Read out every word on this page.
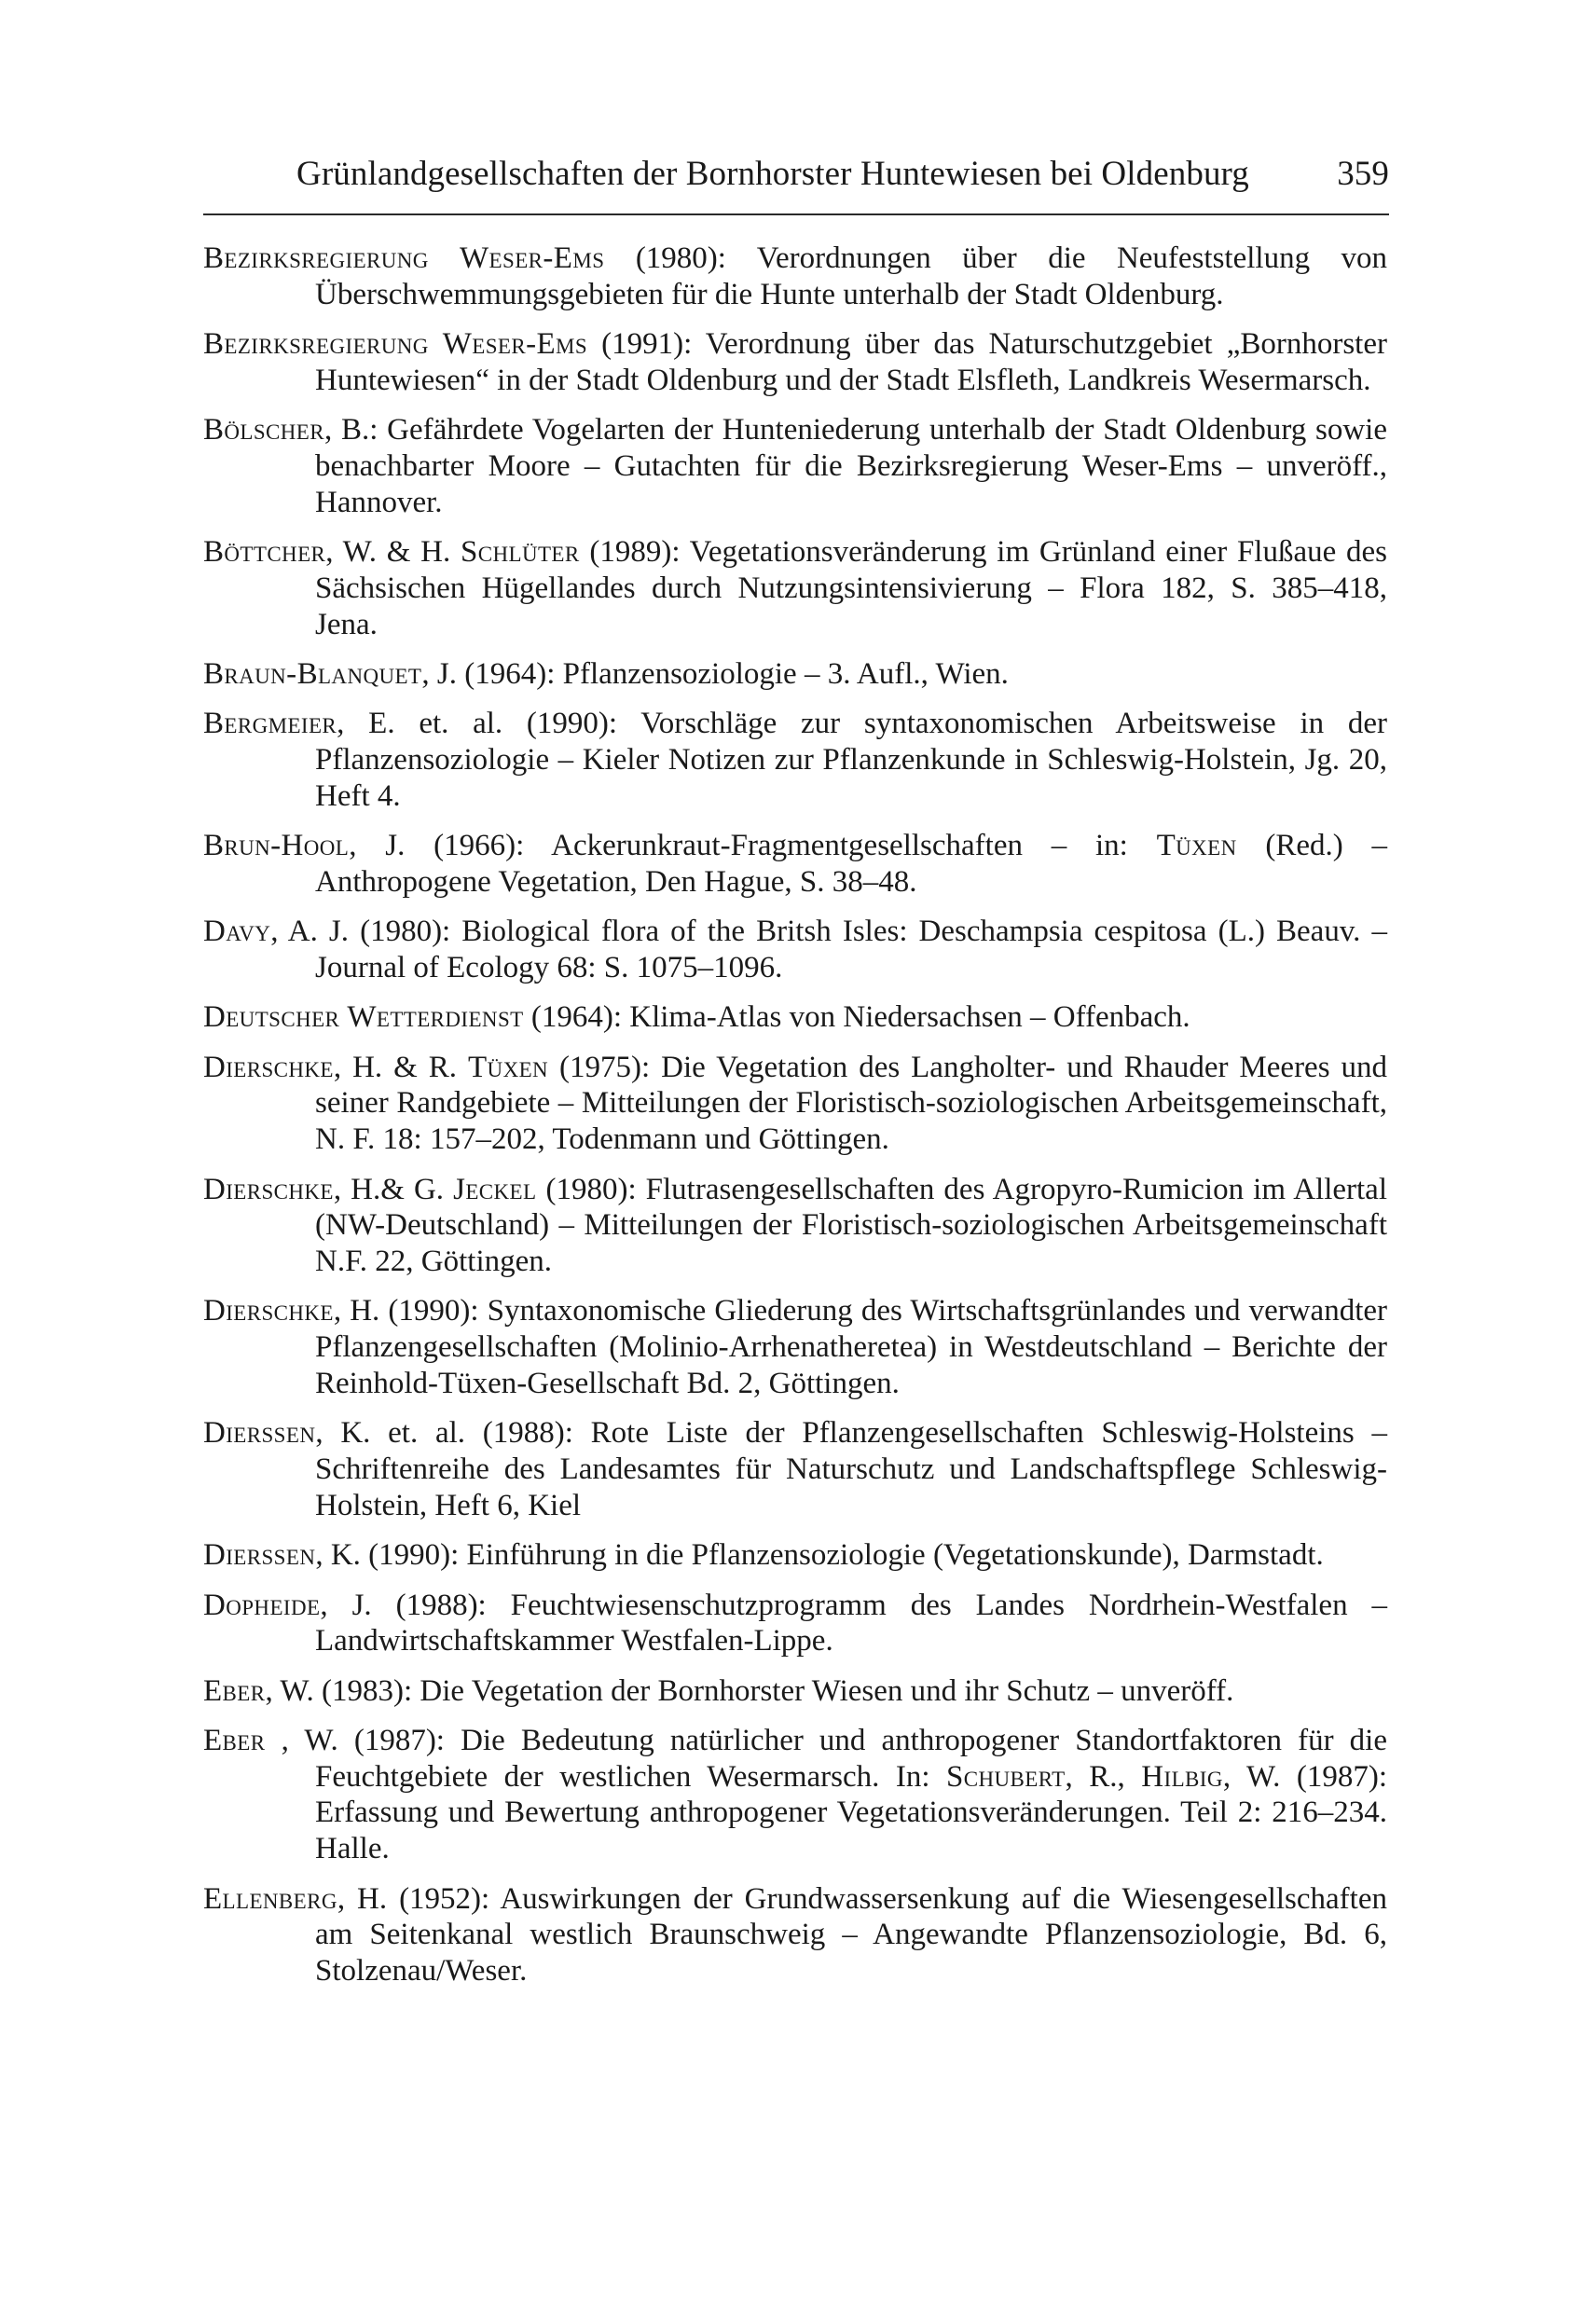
Grünlandgesellschaften der Bornhorster Huntewiesen bei Oldenburg	359
Bezirksregierung Weser-Ems (1980): Verordnungen über die Neufeststellung von Überschwemmungsgebieten für die Hunte unterhalb der Stadt Oldenburg.
Bezirksregierung Weser-Ems (1991): Verordnung über das Naturschutzgebiet „Bornhorster Huntewiesen“ in der Stadt Oldenburg und der Stadt Elsfleth, Landkreis Wesermarsch.
Bölscher, B.: Gefährdete Vogelarten der Hunteniederung unterhalb der Stadt Oldenburg sowie benachbarter Moore – Gutachten für die Bezirksregierung Weser-Ems – unveröff., Hannover.
Böttcher, W. & H. Schlüter (1989): Vegetationsveränderung im Grünland einer Flußaue des Sächsischen Hügellandes durch Nutzungsintensivierung – Flora 182, S. 385–418, Jena.
Braun-Blanquet, J. (1964): Pflanzensoziologie – 3. Aufl., Wien.
Bergmeier, E. et. al. (1990): Vorschläge zur syntaxonomischen Arbeitsweise in der Pflanzensoziologie – Kieler Notizen zur Pflanzenkunde in Schleswig-Holstein, Jg. 20, Heft 4.
Brun-Hool, J. (1966): Ackerunkraut-Fragmentgesellschaften – in: Tüxen (Red.) – Anthropogene Vegetation, Den Hague, S. 38–48.
Davy, A. J. (1980): Biological flora of the Britsh Isles: Deschampsia cespitosa (L.) Beauv. – Journal of Ecology 68: S. 1075–1096.
Deutscher Wetterdienst (1964): Klima-Atlas von Niedersachsen – Offenbach.
Dierschke, H. & R. Tüxen (1975): Die Vegetation des Langholter- und Rhauder Meeres und seiner Randgebiete – Mitteilungen der Floristisch-soziologischen Arbeitsgemeinschaft, N. F. 18: 157–202, Todenmann und Göttingen.
Dierschke, H.& G. Jeckel (1980): Flutrasengesellschaften des Agropyro-Rumicion im Allertal (NW-Deutschland) – Mitteilungen der Floristisch-soziologischen Arbeitsgemeinschaft N.F. 22, Göttingen.
Dierschke, H. (1990): Syntaxonomische Gliederung des Wirtschaftsgrünlandes und verwandter Pflanzengesellschaften (Molinio-Arrhenatheretea) in Westdeutschland – Berichte der Reinhold-Tüxen-Gesellschaft Bd. 2, Göttingen.
Dierssen, K. et. al. (1988): Rote Liste der Pflanzengesellschaften Schleswig-Holsteins – Schriftenreihe des Landesamtes für Naturschutz und Landschaftspflege Schleswig-Holstein, Heft 6, Kiel
Dierssen, K. (1990): Einführung in die Pflanzensoziologie (Vegetationskunde), Darmstadt.
Dopheide, J. (1988): Feuchtwiesenschutzprogramm des Landes Nordrhein-Westfalen – Landwirtschaftskammer Westfalen-Lippe.
Eber, W. (1983): Die Vegetation der Bornhorster Wiesen und ihr Schutz – unveröff.
Eber , W. (1987): Die Bedeutung natürlicher und anthropogener Standortfaktoren für die Feuchtgebiete der westlichen Wesermarsch. In: Schubert, R., Hilbig, W. (1987): Erfassung und Bewertung anthropogener Vegetationsveränderungen. Teil 2: 216–234. Halle.
Ellenberg, H. (1952): Auswirkungen der Grundwassersenkung auf die Wiesengesellschaften am Seitenkanal westlich Braunschweig – Angewandte Pflanzensoziologie, Bd. 6, Stolzenau/Weser.
